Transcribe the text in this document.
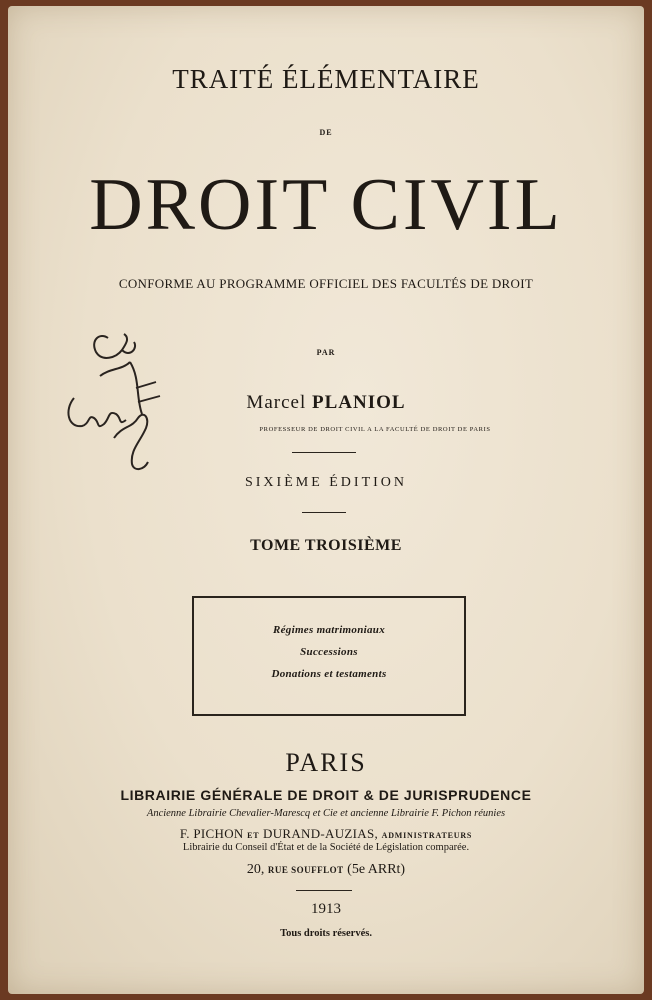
TRAITÉ ÉLÉMENTAIRE
DE
DROIT CIVIL
CONFORME AU PROGRAMME OFFICIEL DES FACULTÉS DE DROIT
PAR
Marcel PLANIOL
PROFESSEUR DE DROIT CIVIL A LA FACULTÉ DE DROIT DE PARIS
SIXIÈME ÉDITION
TOME TROISIÈME
Régimes matrimoniaux
Successions
Donations et testaments
PARIS
LIBRAIRIE GÉNÉRALE DE DROIT & DE JURISPRUDENCE
Ancienne Librairie Chevalier-Marescq et Cie et ancienne Librairie F. Pichon réunies
F. PICHON ET DURAND-AUZIAS, ADMINISTRATEURS
Librairie du Conseil d'État et de la Société de Législation comparée.
20, RUE SOUFFLOT (5e ARRt)
1913
Tous droits réservés.
